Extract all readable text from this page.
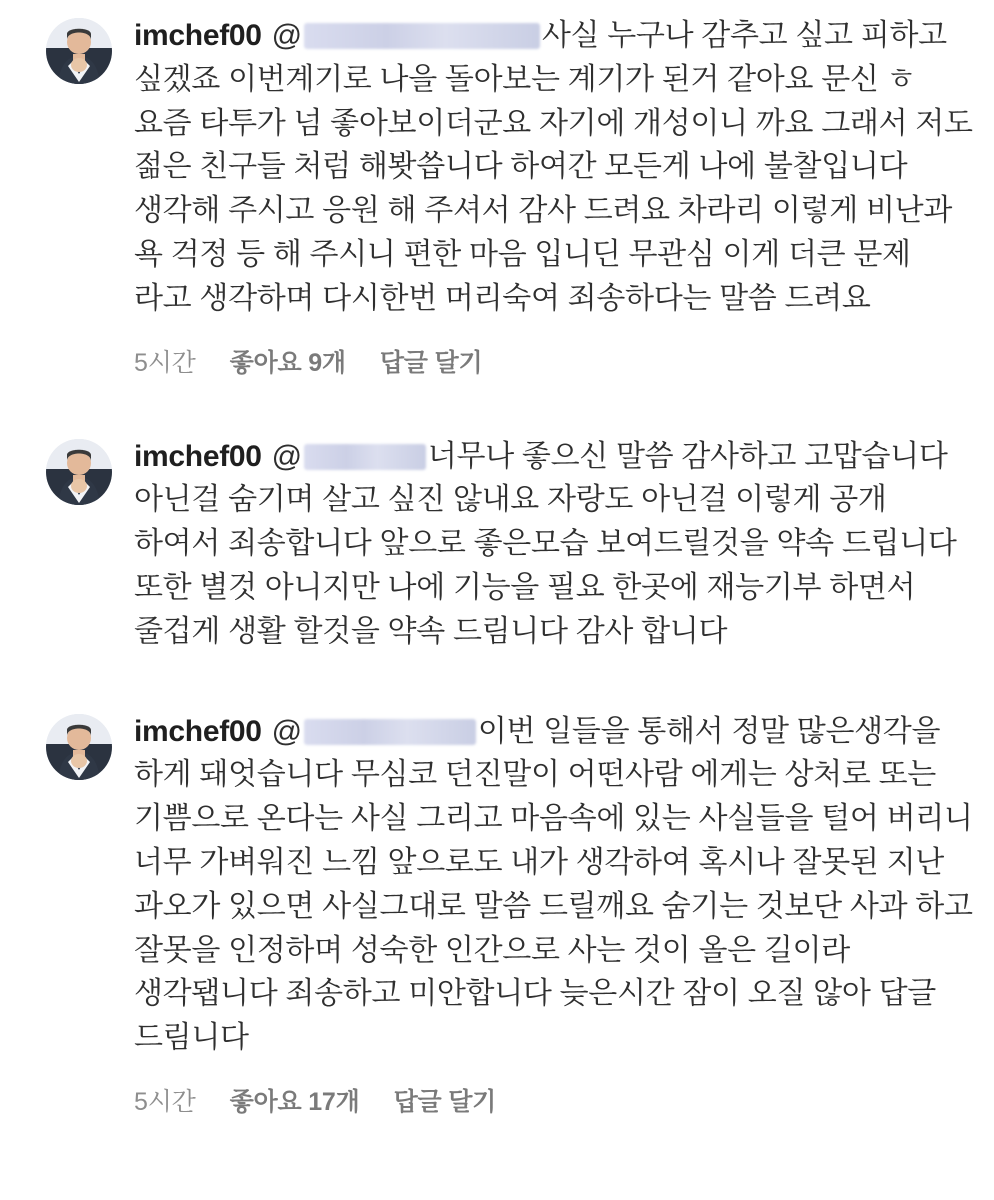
imchef00 @	사실 누구나 감추고 싶고 피하고 싶겠죠 이번계기로 나을 돌아보는 계기가 된거 같아요 문신 ㅎ 요즘 타투가 넘 좋아보이더군요 자기에 개성이니 까요 그래서 저도 젊은 친구들 처럼 해봣씁니다 하여간 모든게 나에 불찰입니다 생각해 주시고 응원 해 주셔서 감사 드려요 차라리 이렇게 비난과 욕 걱정 등 해 주시니 편한 마음 입니딘 무관심 이게 더큰 문제 라고 생각하며 다시한번 머리숙여 죄송하다는 말씀 드려요
5시간 좋아요 9개 답글 달기
imchef00 @	너무나 좋으신 말씀 감사하고 고맙습니다 아닌걸 숨기며 살고 싶진 않내요 자랑도 아닌걸 이렇게 공개 하여서 죄송합니다 앞으로 좋은모습 보여드릴것을 약속 드립니다 또한 별것 아니지만 나에 기능을 필요 한곳에 재능기부 하면서 줄겁게 생활 할것을 약속 드림니다 감사 합니다
imchef00 @	이번 일들을 통해서 정말 많은생각을 하게 돼엇습니다 무심코 던진말이 어떤사람 에게는 상처로 또는 기쁨으로 온다는 사실 그리고 마음속에 있는 사실들을 털어 버리니 너무 가벼워진 느낌 앞으로도 내가 생각하여 혹시나 잘못된 지난 과오가 있으면 사실그대로 말씀 드릴깨요 숨기는 것보단 사과 하고 잘못을 인정하며 성숙한 인간으로 사는 것이 올은 길이라 생각됍니다 죄송하고 미안합니다 늦은시간 잠이 오질 않아 답글 드림니다
5시간 좋아요 17개 답글 달기
